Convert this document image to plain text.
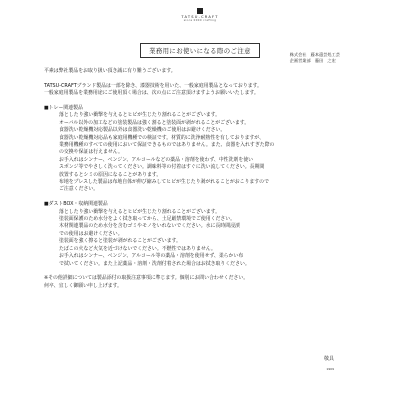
TATSU-CRAFT
since 0000 crafting
業務用にお使いになる際のご注意	株式会社　藤本還芸処工芸
企画営業部　藤田　之宏

平素は弊社製品をお取り扱い頂き誠に有り難うございます。

TATSU-CRAFTブランド製品は一部を除き、漆器技術を用いた、一般家庭用製品となっております。

一般家庭用製品を業務用途にご使用頂く場合は、次の点にご注意頂けますようお願いいたします。

■トレー関連製品

落としたり強い衝撃を与えるとヒビが生じたり割れることがございます。

オーバル以外の加工などの塗装製品は強く割ると塗装面が剥がれることがございます。

食器洗い乾燥機対応製品以外は食器洗い乾燥機のご使用はお避けください。

食器洗い乾燥機対応品も家庭用機種での検証です。材質的に洗浄耐熱性を有しておりますが、

業務用機種のすべての使用において保証できるものではありません。また、食器を入れすぎた際の

の交換や保証は行えません。

お手入れはシンナー、ベンジン、アルコールなどの薬品・溶剤を使わず、中性洗剤を使い

スポンジ等でやさしく洗ってください。調味料等の付着はすぐに洗い流してください。長期間

放置するとシミの原因になることがあります。

布地をプレスした製品は布地自体が伸び縮みしてヒビが生じたり剥がれることがおこりますので

ご注意ください。

■ダストBOX・収納関連製品

落としたり強い衝撃を与えるとヒビが生じたり割れることがございます。

塗装面保護のため水分をよく拭き取ってから、土足厳禁環境でご使用ください。

木材関連製品のため水分を含むゴミやモノをいれないでください。水に長時間浸漬

での使用はお避けください。

塗装面を強く擦ると塗装が剥がれることがございます。

たばこの火など火気を近づけないでください。不燃性ではありません。

お手入れはシンナー、ベンジン、アルコール等の薬品・溶剤を使用せず、柔らかい布

で拭いてください。また上記薬品・溶剤・洗剤付着された場合はお拭き取りください。

※その他詳細については製品添付の取扱注意事項に準じます。個別にお問い合わせください。

何卒、宜しく御願い申し上げます。

敬具
1909
